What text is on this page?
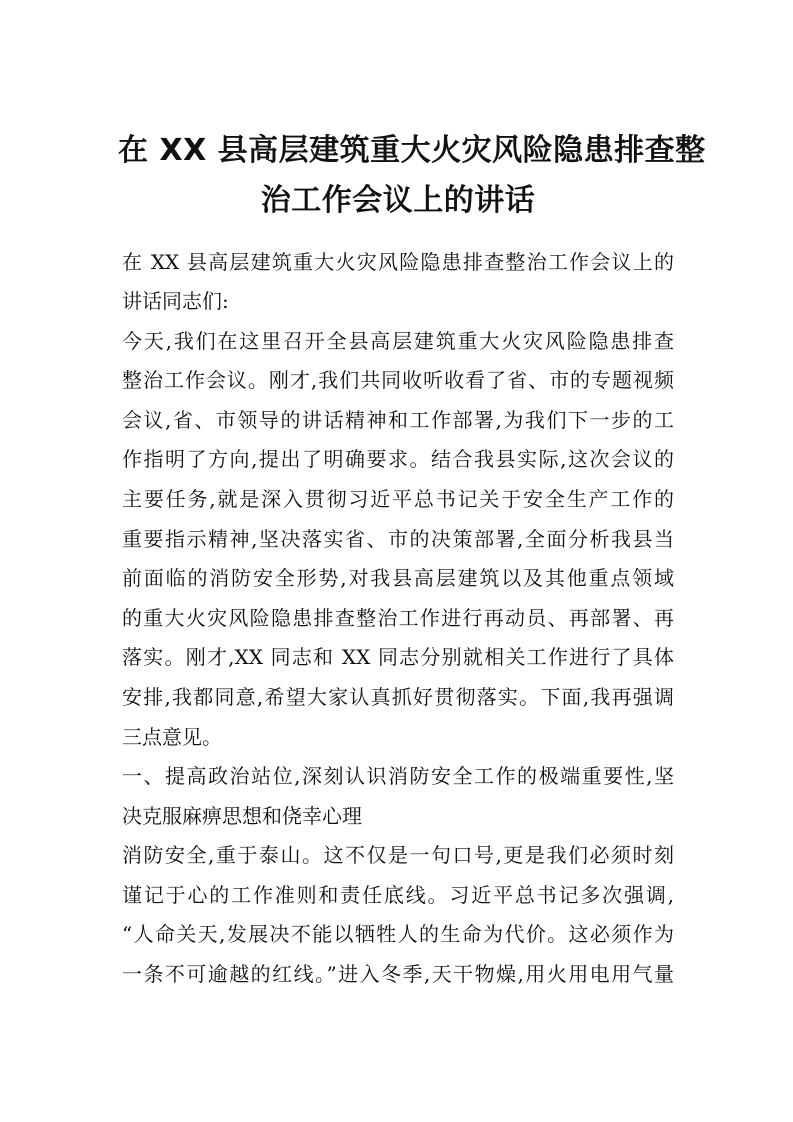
在 XX 县高层建筑重大火灾风险隐患排查整
治工作会议上的讲话

在 XX 县高层建筑重大火灾风险隐患排查整治工作会议上的

讲话同志们:

今天,我们在这里召开全县高层建筑重大火灾风险隐患排查

整治工作会议。刚才,我们共同收听收看了省、市的专题视频

会议,省、市领导的讲话精神和工作部署,为我们下一步的工

作指明了方向,提出了明确要求。结合我县实际,这次会议的

主要任务,就是深入贯彻习近平总书记关于安全生产工作的

重要指示精神,坚决落实省、市的决策部署,全面分析我县当

前面临的消防安全形势,对我县高层建筑以及其他重点领域

的重大火灾风险隐患排查整治工作进行再动员、再部署、再

落实。刚才,XX 同志和 XX 同志分别就相关工作进行了具体

安排,我都同意,希望大家认真抓好贯彻落实。下面,我再强调

三点意见。

一、提高政治站位,深刻认识消防安全工作的极端重要性,坚

决克服麻痹思想和侥幸心理

消防安全,重于泰山。这不仅是一句口号,更是我们必须时刻

谨记于心的工作准则和责任底线。习近平总书记多次强调,

“人命关天,发展决不能以牺牲人的生命为代价。这必须作为

一条不可逾越的红线。”进入冬季,天干物燥,用火用电用气量
